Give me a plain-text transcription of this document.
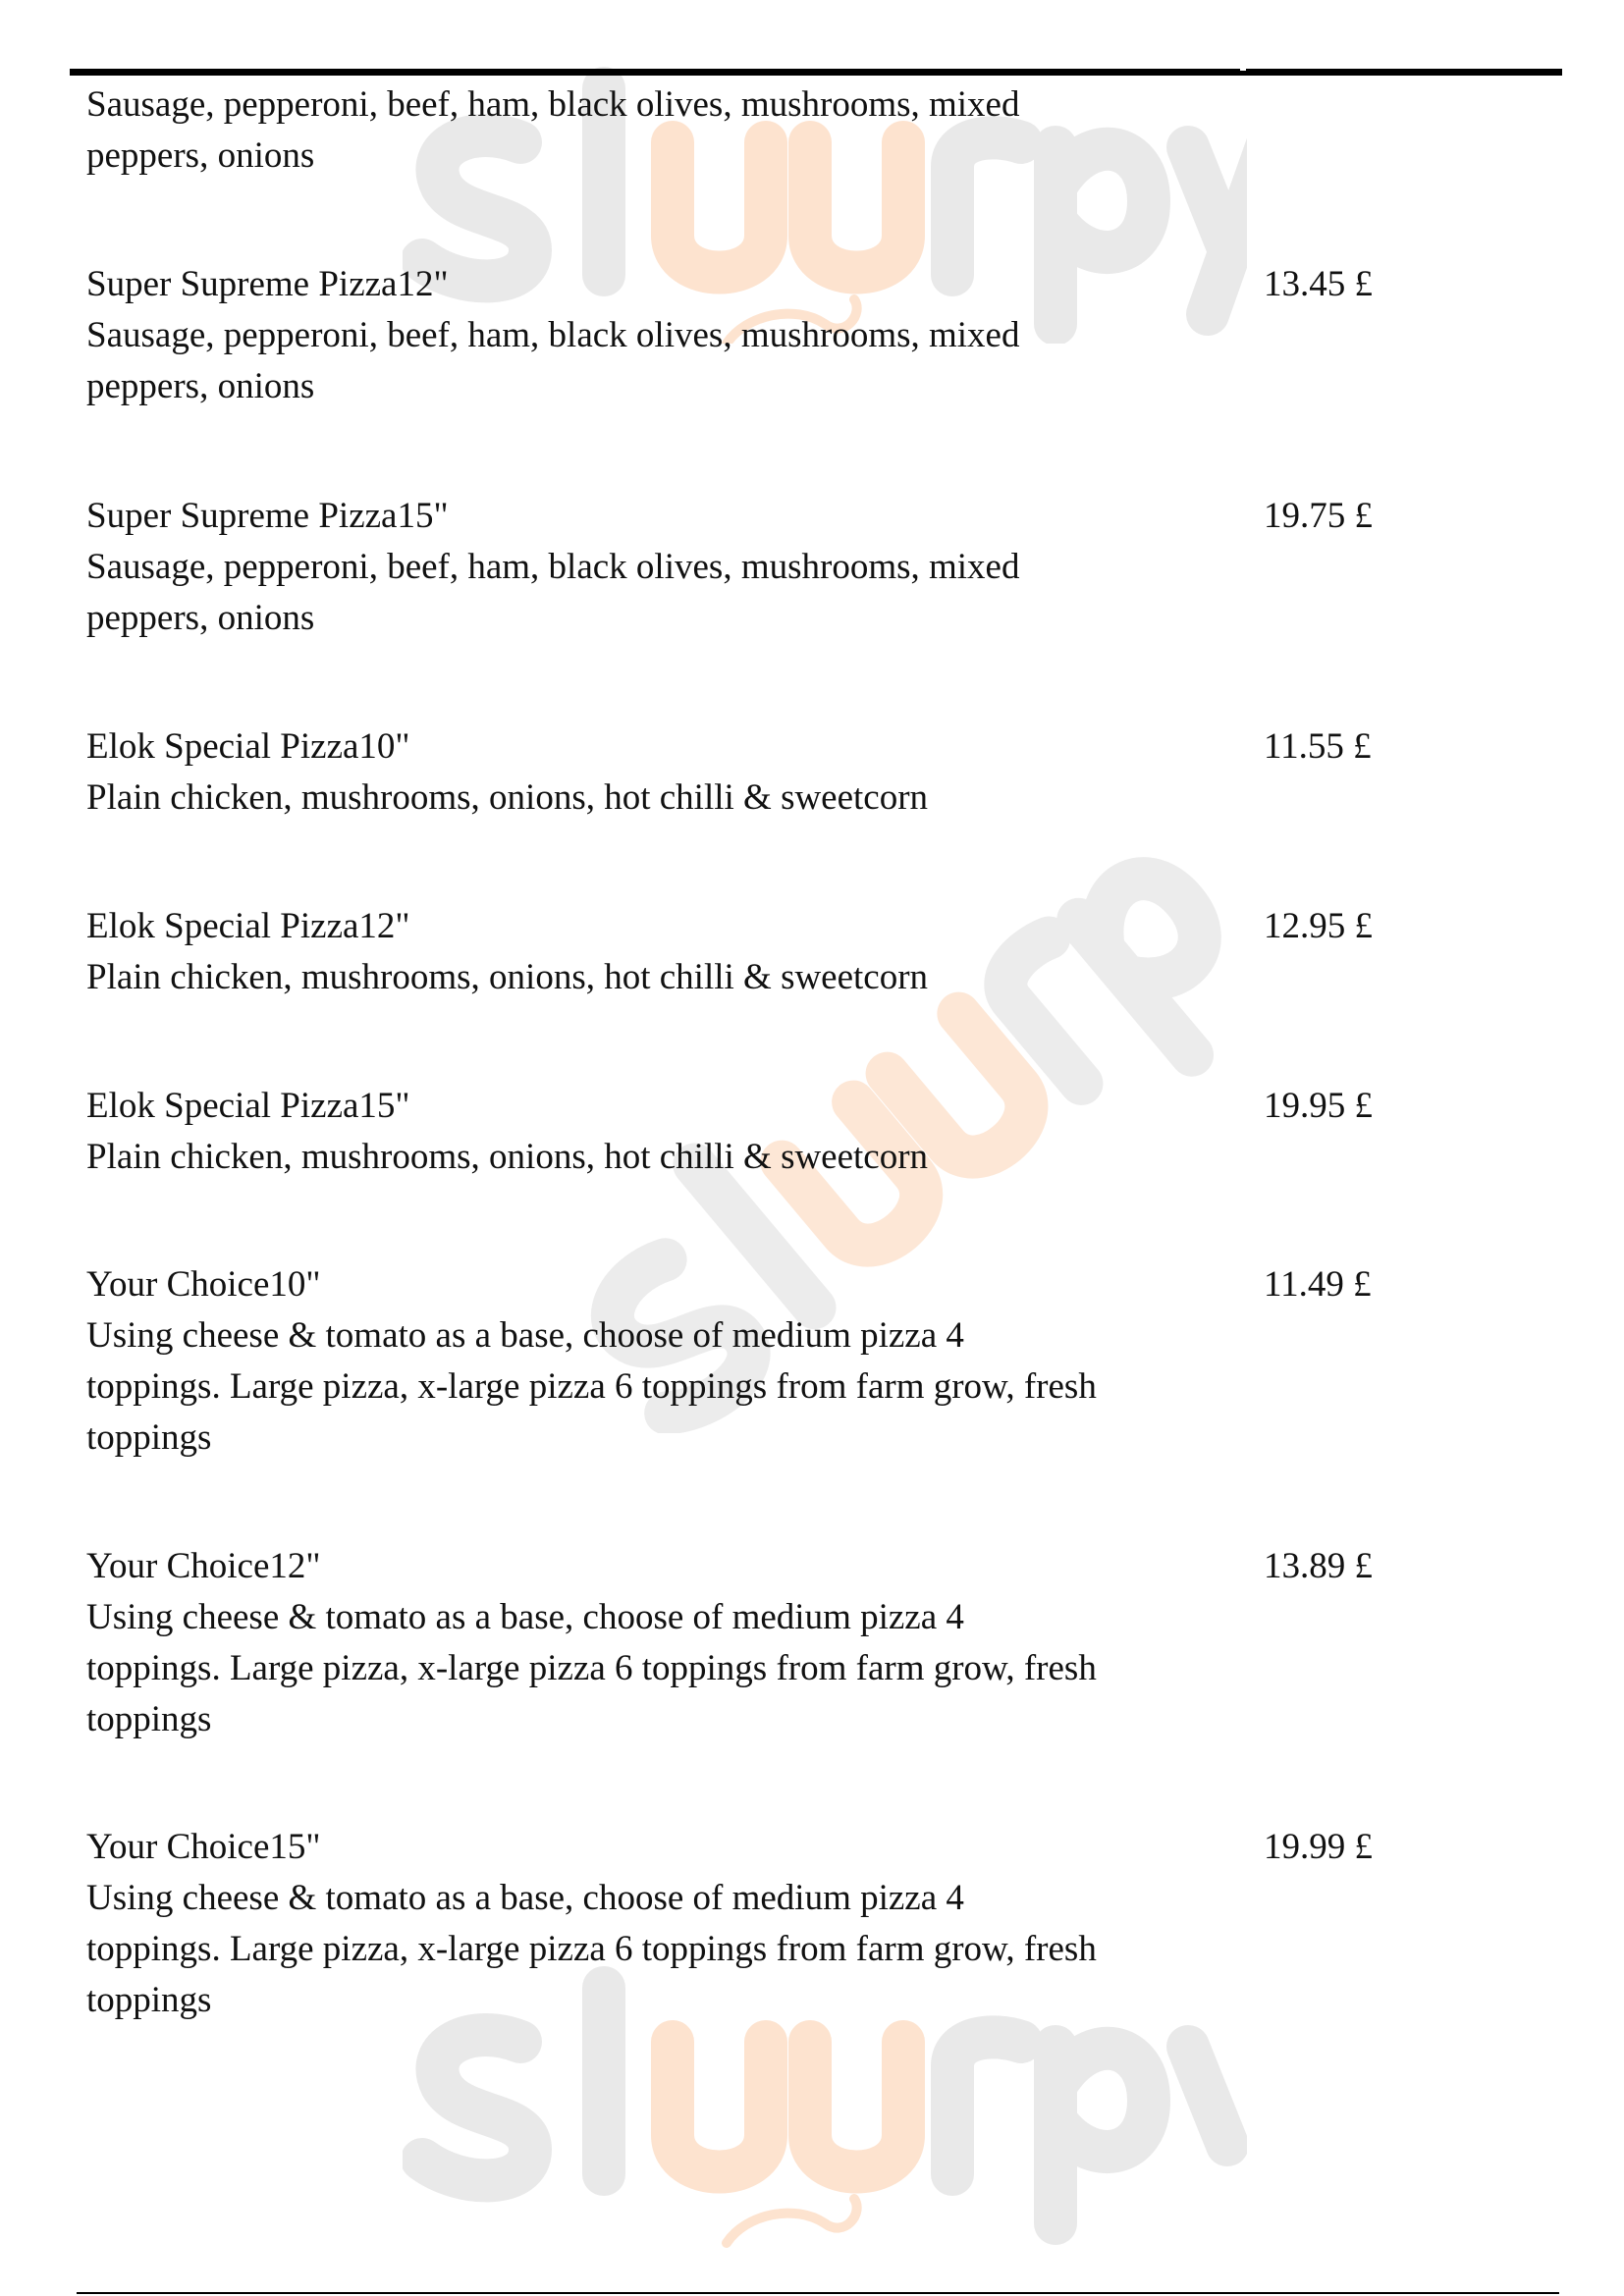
Sausage, pepperoni, beef, ham, black olives, mushrooms, mixed
peppers, onions
Super Supreme Pizza12"
Sausage, pepperoni, beef, ham, black olives, mushrooms, mixed
peppers, onions
13.45 £
Super Supreme Pizza15"
Sausage, pepperoni, beef, ham, black olives, mushrooms, mixed
peppers, onions
19.75 £
Elok Special Pizza10"
Plain chicken, mushrooms, onions, hot chilli & sweetcorn
11.55 £
Elok Special Pizza12"
Plain chicken, mushrooms, onions, hot chilli & sweetcorn
12.95 £
Elok Special Pizza15"
Plain chicken, mushrooms, onions, hot chilli & sweetcorn
19.95 £
Your Choice10"
Using cheese & tomato as a base, choose of medium pizza 4
toppings. Large pizza, x-large pizza 6 toppings from farm grow, fresh
toppings
11.49 £
Your Choice12"
Using cheese & tomato as a base, choose of medium pizza 4
toppings. Large pizza, x-large pizza 6 toppings from farm grow, fresh
toppings
13.89 £
Your Choice15"
Using cheese & tomato as a base, choose of medium pizza 4
toppings. Large pizza, x-large pizza 6 toppings from farm grow, fresh
toppings
19.99 £
